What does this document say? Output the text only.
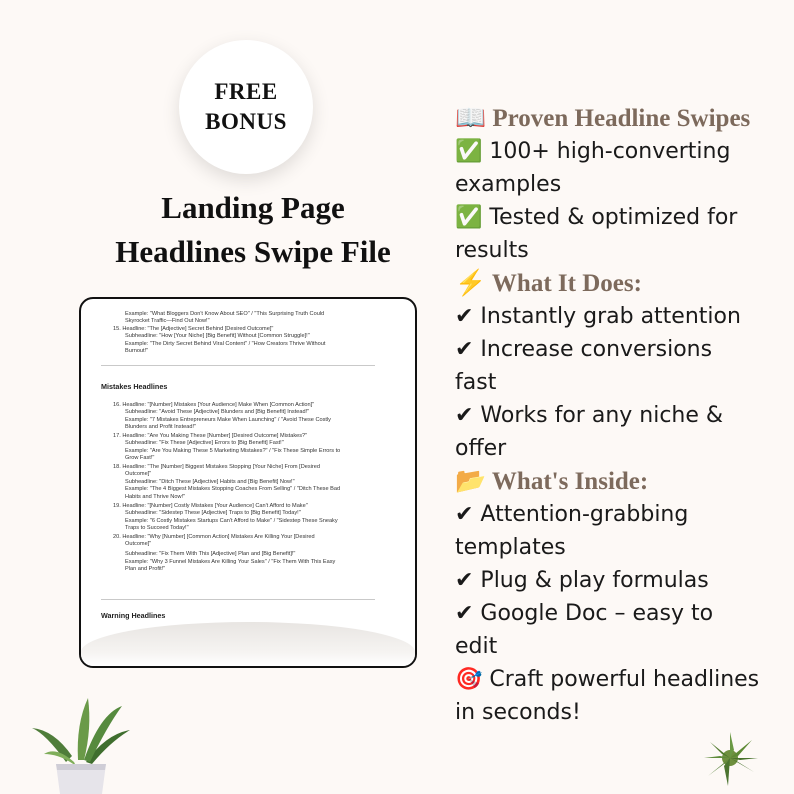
FREE
BONUS
Landing Page
Headlines Swipe File
Example: "What Bloggers Don't Know About SEO" / "This Surprising Truth Could
Skyrocket Traffic—Find Out Now!"
15. Headline: "The [Adjective] Secret Behind [Desired Outcome]"
Subheadline: "How [Your Niche] [Big Benefit] Without [Common Struggle]!"
Example: "The Dirty Secret Behind Viral Content" / "How Creators Thrive Without
Burnout!"
Mistakes Headlines
16. Headline: "[Number] Mistakes [Your Audience] Make When [Common Action]"
Subheadline: "Avoid These [Adjective] Blunders and [Big Benefit] Instead!"
Example: "7 Mistakes Entrepreneurs Make When Launching" / "Avoid These Costly
Blunders and Profit Instead!"
17. Headline: "Are You Making These [Number] [Desired Outcome] Mistakes?"
Subheadline: "Fix These [Adjective] Errors to [Big Benefit] Fast!"
Example: "Are You Making These 5 Marketing Mistakes?" / "Fix These Simple Errors to
Grow Fast!"
18. Headline: "The [Number] Biggest Mistakes Stopping [Your Niche] From [Desired
Outcome]"
Subheadline: "Ditch These [Adjective] Habits and [Big Benefit] Now!"
Example: "The 4 Biggest Mistakes Stopping Coaches From Selling" / "Ditch These Bad
Habits and Thrive Now!"
19. Headline: "[Number] Costly Mistakes [Your Audience] Can't Afford to Make"
Subheadline: "Sidestep These [Adjective] Traps to [Big Benefit] Today!"
Example: "6 Costly Mistakes Startups Can't Afford to Make" / "Sidestep These Sneaky
Traps to Succeed Today!"
20. Headline: "Why [Number] [Common Action] Mistakes Are Killing Your [Desired
Outcome]"
Subheadline: "Fix Them With This [Adjective] Plan and [Big Benefit]!"
Example: "Why 3 Funnel Mistakes Are Killing Your Sales" / "Fix Them With This Easy
Plan and Profit!"
Warning Headlines
📖 Proven Headline Swipes
✅ 100+ high-converting
examples
✅ Tested & optimized for
results
⚡ What It Does:
✔ Instantly grab attention
✔ Increase conversions
fast
✔ Works for any niche &
offer
📂 What's Inside:
✔ Attention-grabbing
templates
✔ Plug & play formulas
✔ Google Doc – easy to
edit
🎯 Craft powerful headlines
in seconds!
